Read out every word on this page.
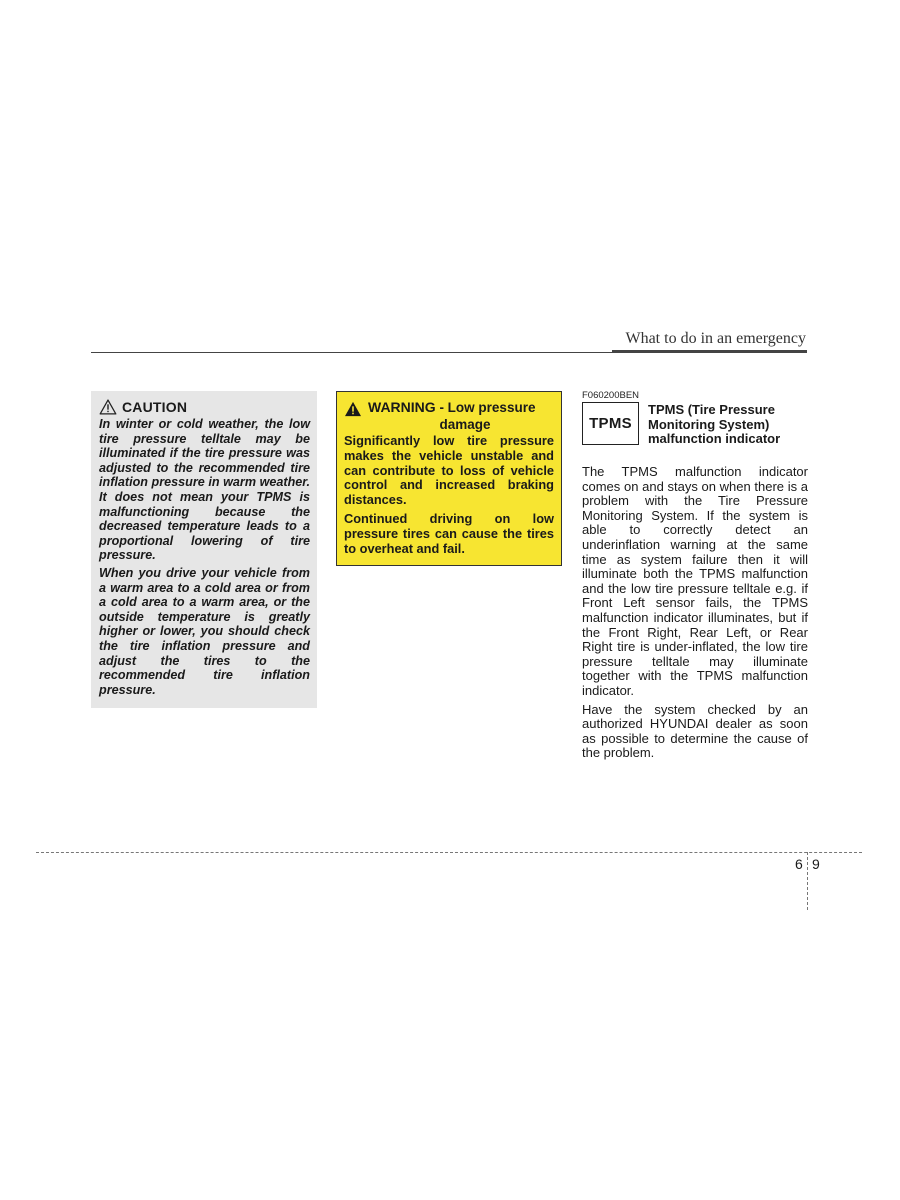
What to do in an emergency
CAUTION

In winter or cold weather, the low tire pressure telltale may be illuminated if the tire pressure was adjusted to the recommended tire inflation pressure in warm weather. It does not mean your TPMS is malfunctioning because the decreased temperature leads to a proportional lowering of tire pressure.

When you drive your vehicle from a warm area to a cold area or from a cold area to a warm area, or the outside temperature is greatly higher or lower, you should check the tire inflation pressure and adjust the tires to the recommended tire inflation pressure.

WARNING - Low pressure
damage

Significantly low tire pressure makes the vehicle unstable and can contribute to loss of vehicle control and increased braking distances.

Continued driving on low pressure tires can cause the tires to overheat and fail.

F060200BEN
TPMS
TPMS (Tire Pressure Monitoring System) malfunction indicator

The TPMS malfunction indicator comes on and stays on when there is a problem with the Tire Pressure Monitoring System. If the system is able to correctly detect an underinflation warning at the same time as system failure then it will illuminate both the TPMS malfunction and the low tire pressure telltale e.g. if Front Left sensor fails, the TPMS malfunction indicator illuminates, but if the Front Right, Rear Left, or Rear Right tire is under-inflated, the low tire pressure telltale may illuminate together with the TPMS malfunction indicator.

Have the system checked by an authorized HYUNDAI dealer as soon as possible to determine the cause of the problem.

6 9
